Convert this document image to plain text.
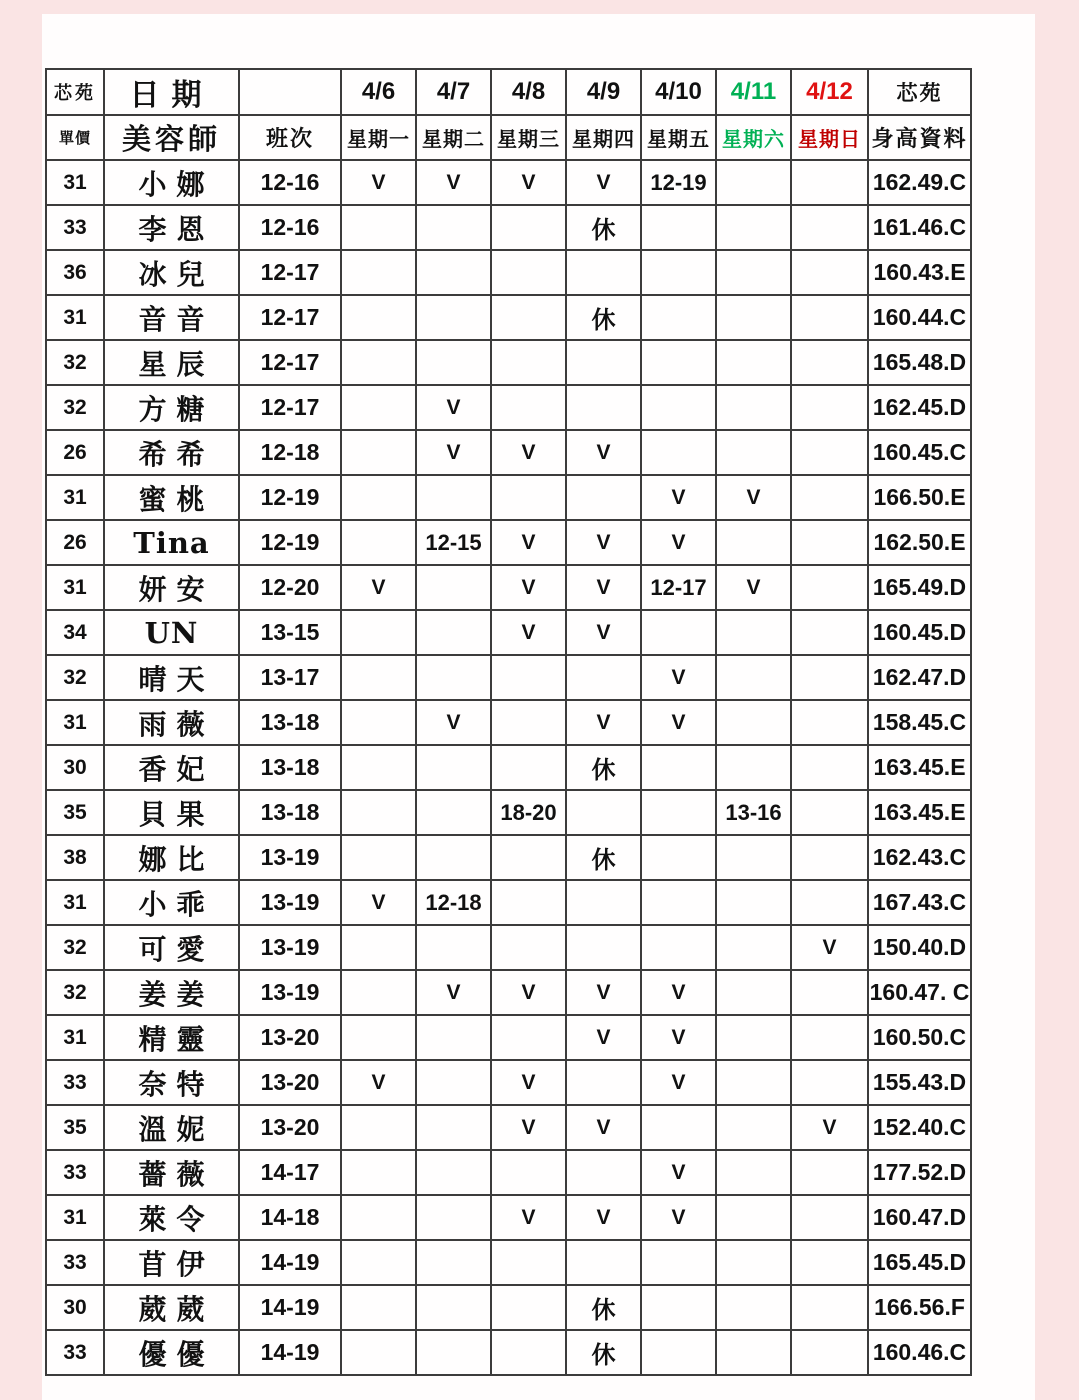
芯苑	日期		4/6	4/7	4/8	4/9	4/10	4/11	4/12	芯苑
單價	美容師	班次	星期一	星期二	星期三	星期四	星期五	星期六	星期日	身高資料
31	小娜	12-16	V	V	V	V	12-19			162.49.C
33	李恩	12-16				休				161.46.C
36	冰兒	12-17								160.43.E
31	音音	12-17				休				160.44.C
32	星辰	12-17								165.48.D
32	方糖	12-17		V						162.45.D
26	希希	12-18		V	V	V				160.45.C
31	蜜桃	12-19					V	V		166.50.E
26	Tina	12-19		12-15	V	V	V			162.50.E
31	妍安	12-20	V		V	V	12-17	V		165.49.D
34	UN	13-15			V	V				160.45.D
32	晴天	13-17					V			162.47.D
31	雨薇	13-18		V		V	V			158.45.C
30	香妃	13-18				休				163.45.E
35	貝果	13-18			18-20			13-16		163.45.E
38	娜比	13-19				休				162.43.C
31	小乖	13-19	V	12-18						167.43.C
32	可愛	13-19							V	150.40.D
32	姜姜	13-19		V	V	V	V			160.47. C
31	精靈	13-20				V	V			160.50.C
33	奈特	13-20	V		V		V			155.43.D
35	溫妮	13-20			V	V			V	152.40.C
33	薔薇	14-17					V			177.52.D
31	萊令	14-18			V	V	V			160.47.D
33	苜伊	14-19								165.45.D
30	葳葳	14-19				休				166.56.F
33	優優	14-19				休				160.46.C
